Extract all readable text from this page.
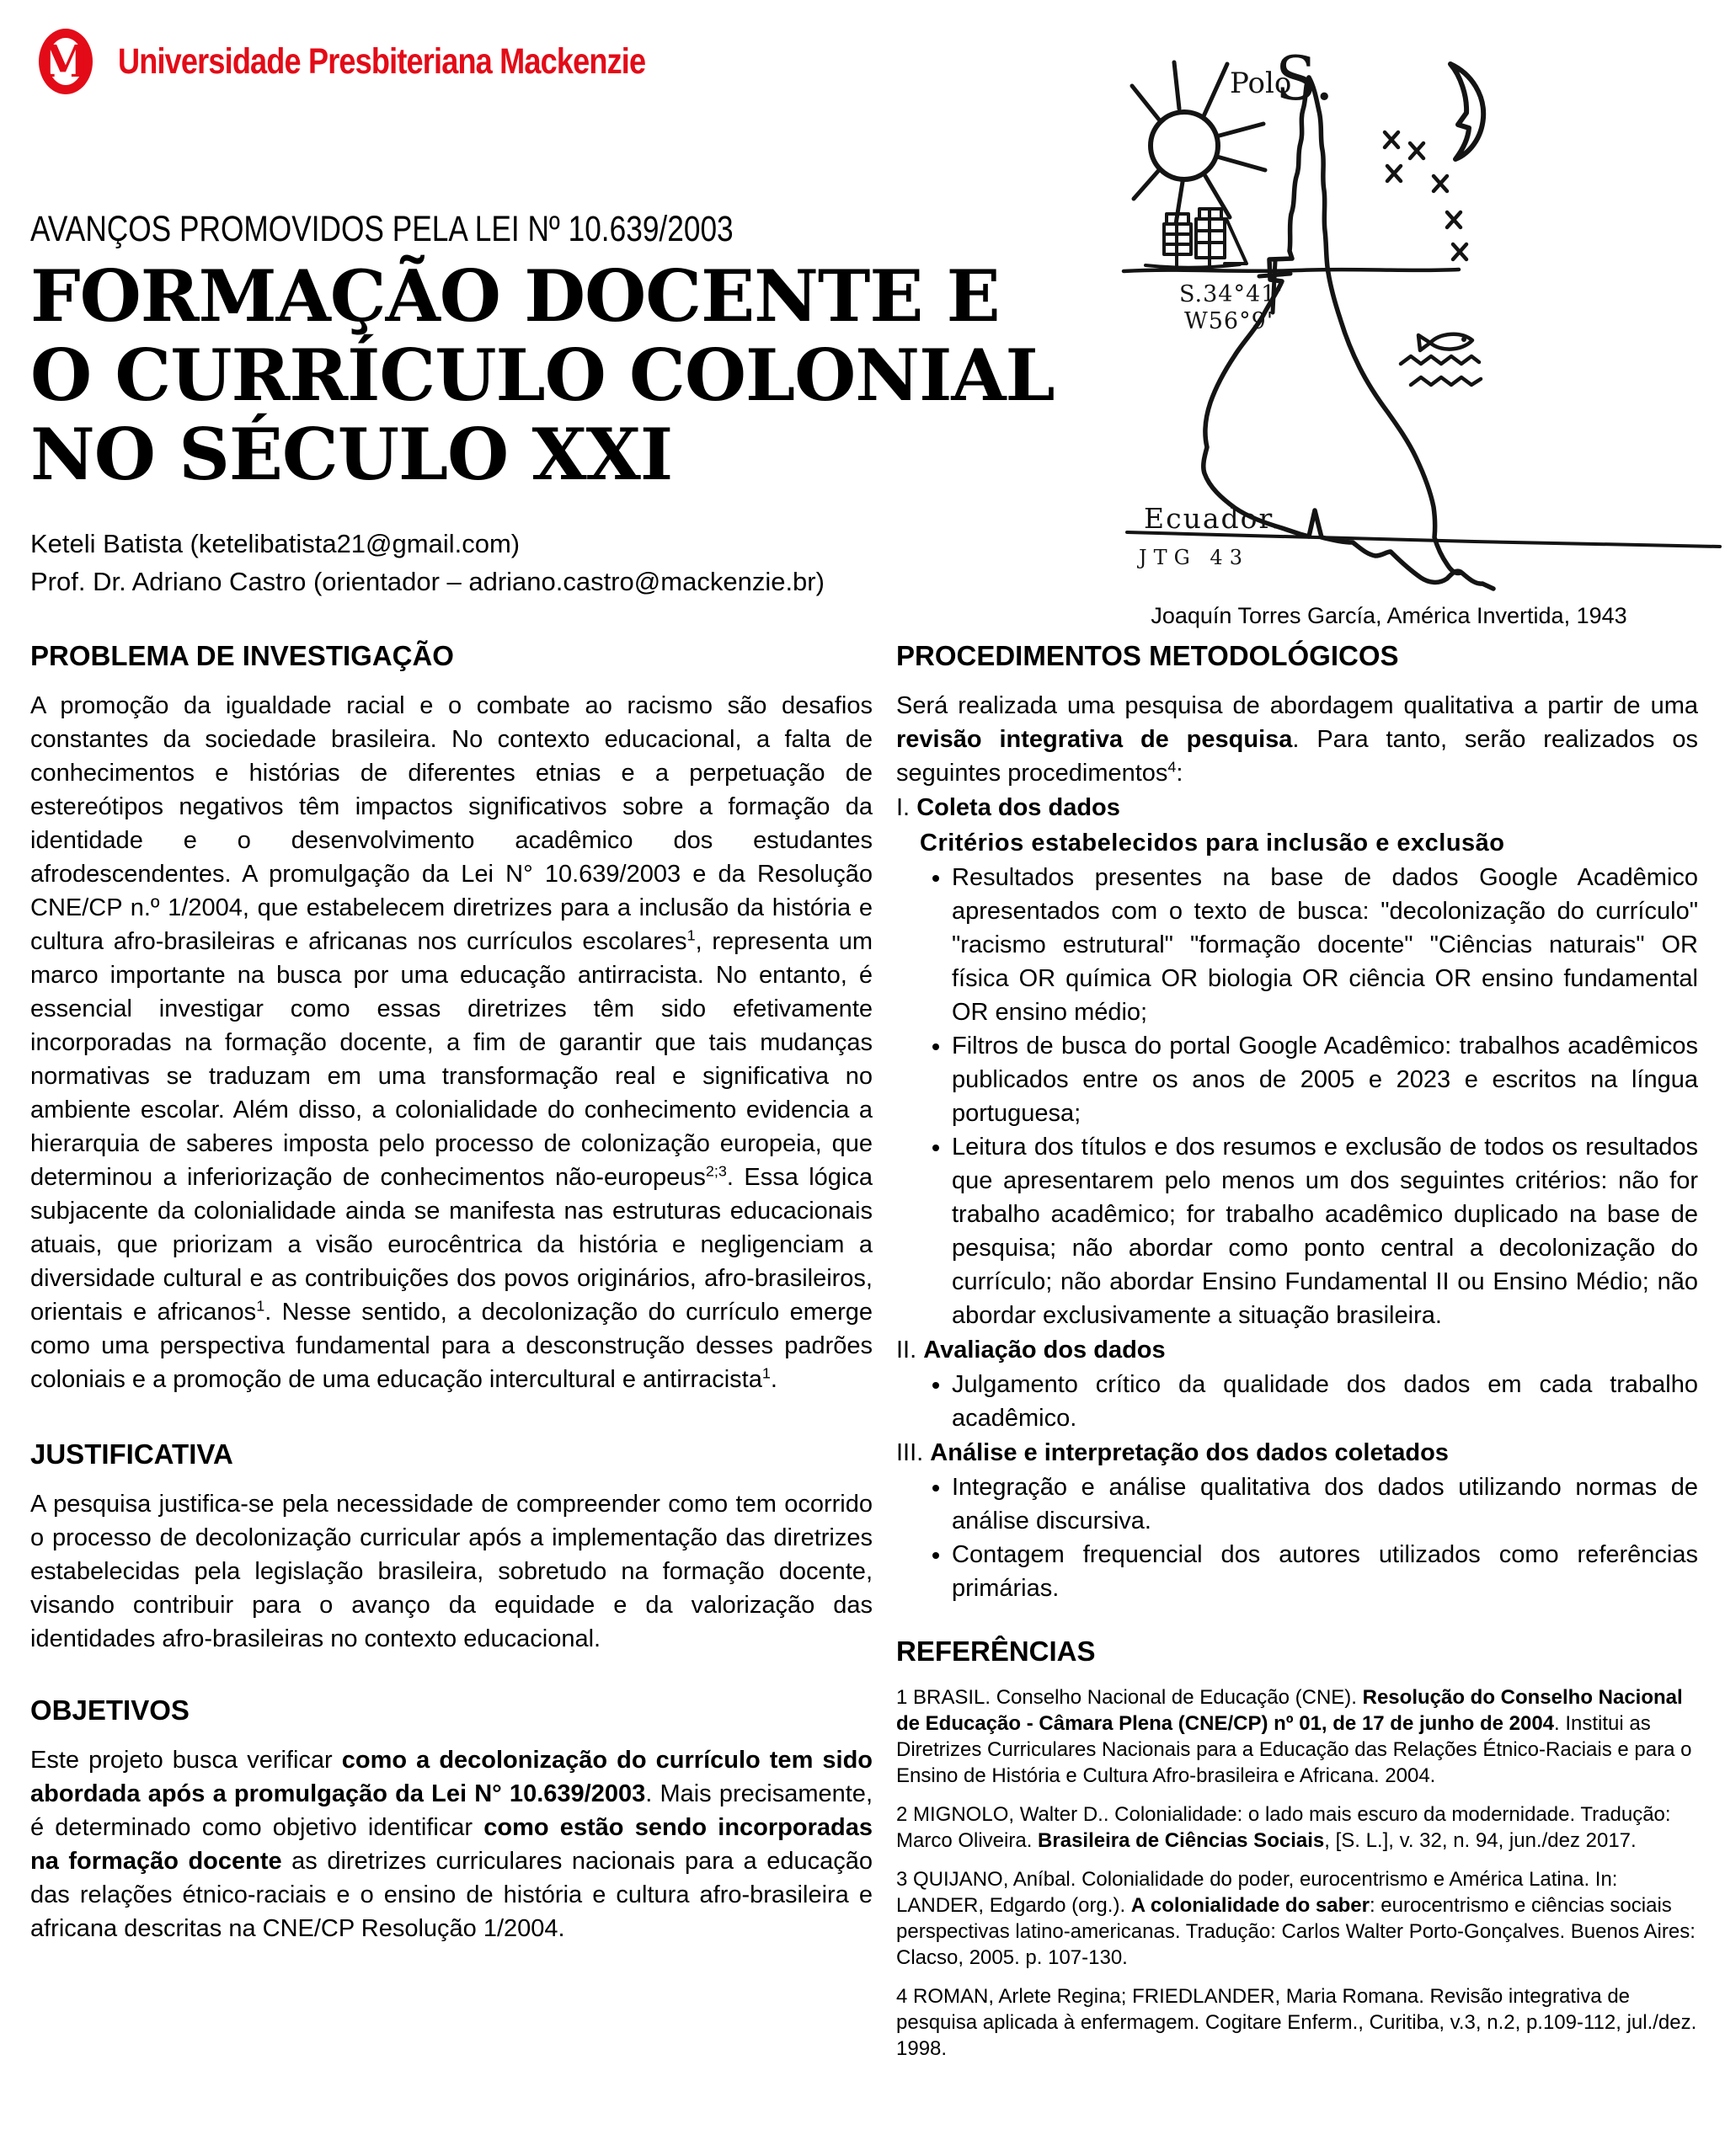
M Universidade Presbiteriana Mackenzie
AVANÇOS PROMOVIDOS PELA LEI Nº 10.639/2003
FORMAÇÃO DOCENTE E
O CURRÍCULO COLONIAL
NO SÉCULO XXI
Keteli Batista (ketelibatista21@gmail.com)
Prof. Dr. Adriano Castro (orientador – adriano.castro@mackenzie.br)
Polo
S.
S.34°41'
W56°9'
Ecuador.
JTG 43
Joaquín Torres García, América Invertida, 1943
PROBLEMA DE INVESTIGAÇÃO

A promoção da igualdade racial e o combate ao racismo são desafios constantes da sociedade brasileira. No contexto educacional, a falta de conhecimentos e histórias de diferentes etnias e a perpetuação de estereótipos negativos têm impactos significativos sobre a formação da identidade e o desenvolvimento acadêmico dos estudantes afrodescendentes. A promulgação da Lei N° 10.639/2003 e da Resolução CNE/CP n.º 1/2004, que estabelecem diretrizes para a inclusão da história e cultura afro-brasileiras e africanas nos currículos escolares$^1$, representa um marco importante na busca por uma educação antirracista. No entanto, é essencial investigar como essas diretrizes têm sido efetivamente incorporadas na formação docente, a fim de garantir que tais mudanças normativas se traduzam em uma transformação real e significativa no ambiente escolar. Além disso, a colonialidade do conhecimento evidencia a hierarquia de saberes imposta pelo processo de colonização europeia, que determinou a inferiorização de conhecimentos não-europeus$^{2;3}$. Essa lógica subjacente da colonialidade ainda se manifesta nas estruturas educacionais atuais, que priorizam a visão eurocêntrica da história e negligenciam a diversidade cultural e as contribuições dos povos originários, afro-brasileiros, orientais e africanos$^1$. Nesse sentido, a decolonização do currículo emerge como uma perspectiva fundamental para a desconstrução desses padrões coloniais e a promoção de uma educação intercultural e antirracista$^1$.

JUSTIFICATIVA

A pesquisa justifica-se pela necessidade de compreender como tem ocorrido o processo de decolonização curricular após a implementação das diretrizes estabelecidas pela legislação brasileira, sobretudo na formação docente, visando contribuir para o avanço da equidade e da valorização das identidades afro-brasileiras no contexto educacional.

OBJETIVOS

Este projeto busca verificar como a decolonização do currículo tem sido abordada após a promulgação da Lei N° 10.639/2003. Mais precisamente, é determinado como objetivo identificar como estão sendo incorporadas na formação docente as diretrizes curriculares nacionais para a educação das relações étnico-raciais e o ensino de história e cultura afro-brasileira e africana descritas na CNE/CP Resolução 1/2004.

PROCEDIMENTOS METODOLÓGICOS

Será realizada uma pesquisa de abordagem qualitativa a partir de uma revisão integrativa de pesquisa. Para tanto, serão realizados os seguintes procedimentos$^4$:

I. Coleta dos dados
Critérios estabelecidos para inclusão e exclusão
• Resultados presentes na base de dados Google Acadêmico apresentados com o texto de busca: "decolonização do currículo" "racismo estrutural" "formação docente" "Ciências naturais" OR física OR química OR biologia OR ciência OR ensino fundamental OR ensino médio;
• Filtros de busca do portal Google Acadêmico: trabalhos acadêmicos publicados entre os anos de 2005 e 2023 e escritos na língua portuguesa;
• Leitura dos títulos e dos resumos e exclusão de todos os resultados que apresentarem pelo menos um dos seguintes critérios: não for trabalho acadêmico; for trabalho acadêmico duplicado na base de pesquisa; não abordar como ponto central a decolonização do currículo; não abordar Ensino Fundamental II ou Ensino Médio; não abordar exclusivamente a situação brasileira.
II. Avaliação dos dados
• Julgamento crítico da qualidade dos dados em cada trabalho acadêmico.
III. Análise e interpretação dos dados coletados
• Integração e análise qualitativa dos dados utilizando normas de análise discursiva.
• Contagem frequencial dos autores utilizados como referências primárias.
REFERÊNCIAS

1 BRASIL. Conselho Nacional de Educação (CNE). Resolução do Conselho Nacional de Educação - Câmara Plena (CNE/CP) nº 01, de 17 de junho de 2004. Institui as Diretrizes Curriculares Nacionais para a Educação das Relações Étnico-Raciais e para o Ensino de História e Cultura Afro-brasileira e Africana. 2004.

2 MIGNOLO, Walter D.. Colonialidade: o lado mais escuro da modernidade. Tradução: Marco Oliveira. Brasileira de Ciências Sociais, [S. L.], v. 32, n. 94, jun./dez 2017.

3 QUIJANO, Aníbal. Colonialidade do poder, eurocentrismo e América Latina. In: LANDER, Edgardo (org.). A colonialidade do saber: eurocentrismo e ciências sociais perspectivas latino-americanas. Tradução: Carlos Walter Porto-Gonçalves. Buenos Aires: Clacso, 2005. p. 107-130.

4 ROMAN, Arlete Regina; FRIEDLANDER, Maria Romana. Revisão integrativa de pesquisa aplicada à enfermagem. Cogitare Enferm., Curitiba, v.3, n.2, p.109-112, jul./dez. 1998.
